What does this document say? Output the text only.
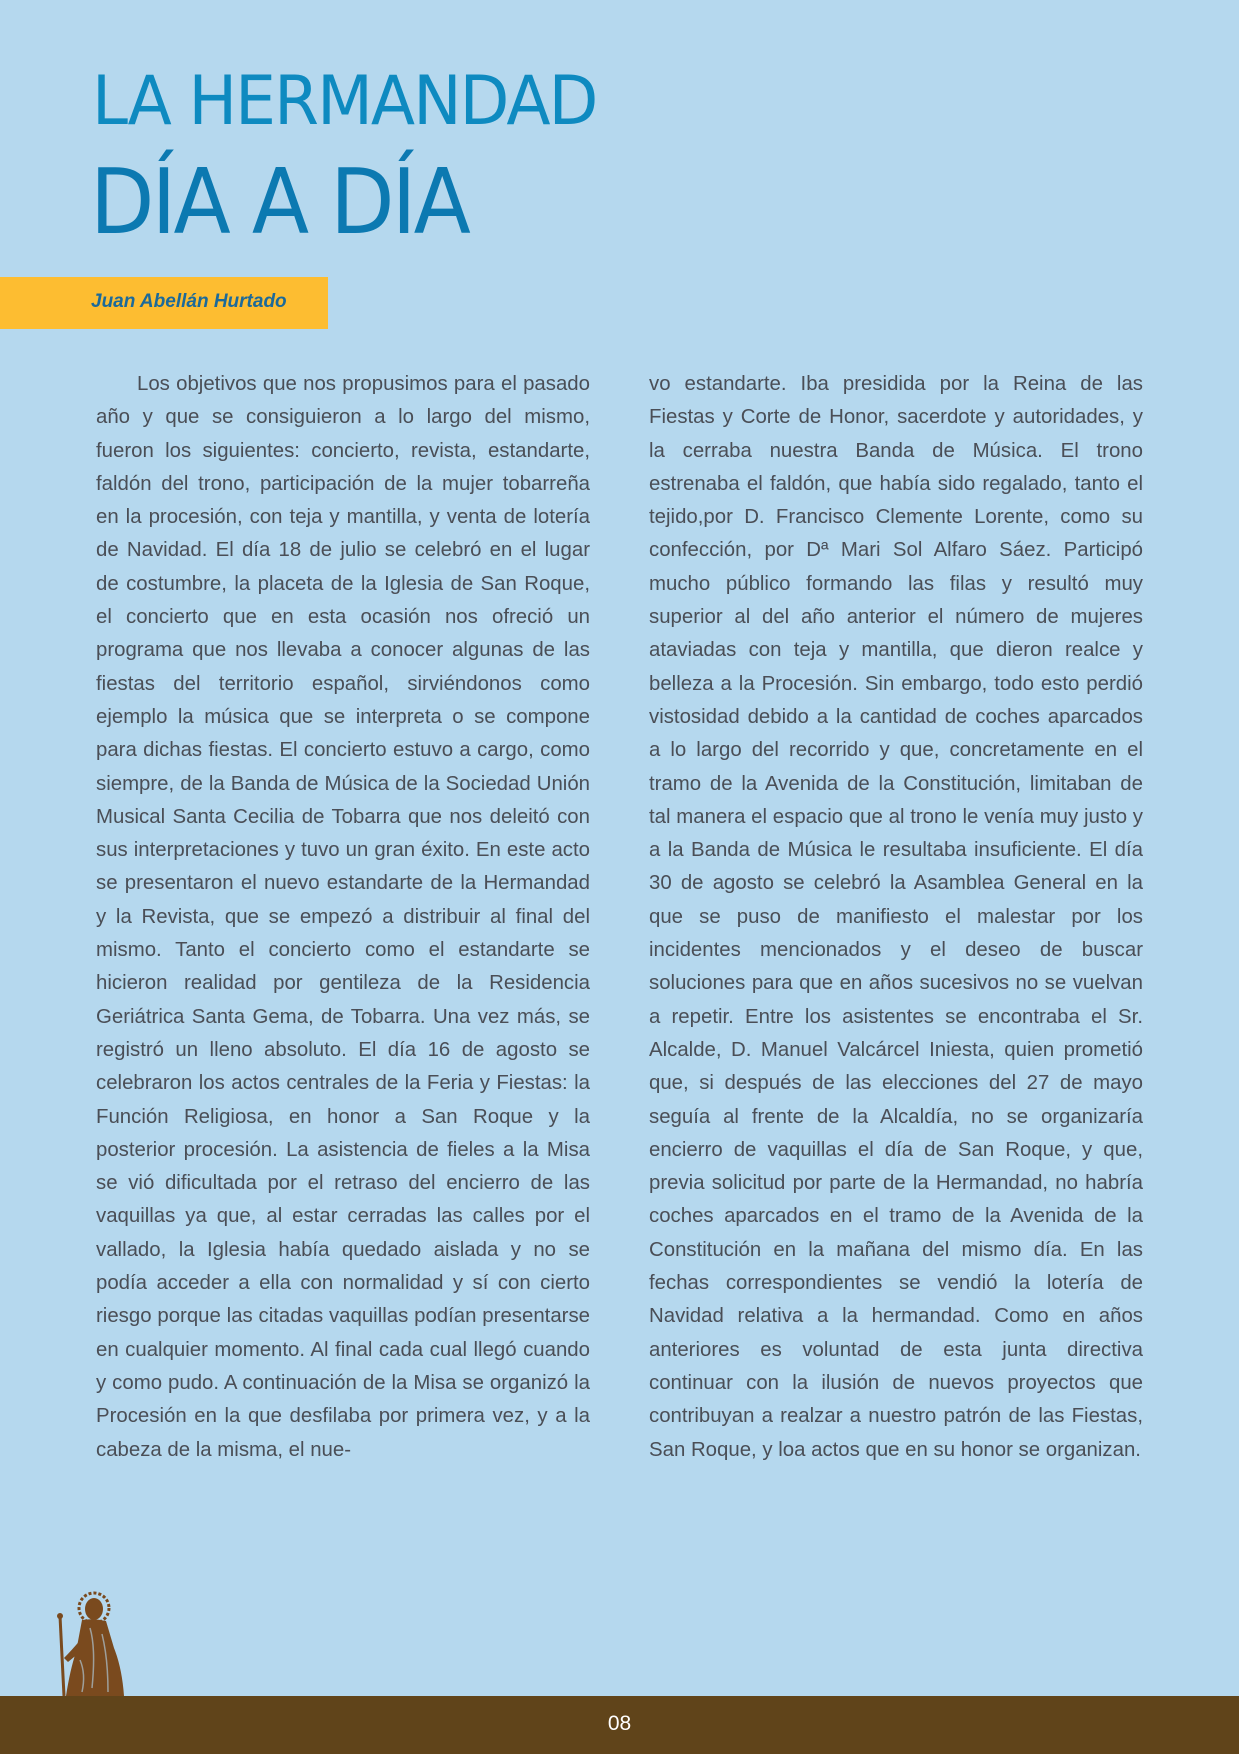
LA HERMANDAD
DÍA A DÍA
Juan Abellán Hurtado

Los objetivos que nos propusimos para el pasado año y que se consiguieron a lo largo del mismo, fueron los siguientes: concierto, revista, estandarte, faldón del trono, participación de la mujer tobarreña en la procesión, con teja y mantilla, y venta de lotería de Navidad. El día 18 de julio se celebró en el lugar de costumbre, la placeta de la Iglesia de San Roque, el concierto que en esta ocasión nos ofreció un programa que nos llevaba a conocer algunas de las fiestas del territorio español, sirviéndonos como ejemplo la música que se interpreta o se compone para dichas fiestas. El concierto estuvo a cargo, como siempre, de la Banda de Música de la Sociedad Unión Musical Santa Cecilia de Tobarra que nos deleitó con sus interpretaciones y tuvo un gran éxito. En este acto se presentaron el nuevo estandarte de la Hermandad y la Revista, que se empezó a distribuir al final del mismo. Tanto el concierto como el estandarte se hicieron realidad por gentileza de la Residencia Geriátrica Santa Gema, de Tobarra. Una vez más, se registró un lleno absoluto. El día 16 de agosto se celebraron los actos centrales de la Feria y Fiestas: la Función Religiosa, en honor a San Roque y la posterior procesión. La asistencia de fieles a la Misa se vió dificultada por el retraso del encierro de las vaquillas ya que, al estar cerradas las calles por el vallado, la Iglesia había quedado aislada y no se podía acceder a ella con normalidad y sí con cierto riesgo porque las citadas vaquillas podían presentarse en cualquier momento. Al final cada cual llegó cuando y como pudo. A continuación de la Misa se organizó la Procesión en la que desfilaba por primera vez, y a la cabeza de la misma, el nue-

vo estandarte. Iba presidida por la Reina de las Fiestas y Corte de Honor, sacerdote y autoridades, y la cerraba nuestra Banda de Música. El trono estrenaba el faldón, que había sido regalado, tanto el tejido,por D. Francisco Clemente Lorente, como su confección, por Dª Mari Sol Alfaro Sáez. Participó mucho público formando las filas y resultó muy superior al del año anterior el número de mujeres ataviadas con teja y mantilla, que dieron realce y belleza a la Procesión. Sin embargo, todo esto perdió vistosidad debido a la cantidad de coches aparcados a lo largo del recorrido y que, concretamente en el tramo de la Avenida de la Constitución, limitaban de tal manera el espacio que al trono le venía muy justo y a la Banda de Música le resultaba insuficiente. El día 30 de agosto se celebró la Asamblea General en la que se puso de manifiesto el malestar por los incidentes mencionados y el deseo de buscar soluciones para que en años sucesivos no se vuelvan a repetir. Entre los asistentes se encontraba el Sr. Alcalde, D. Manuel Valcárcel Iniesta, quien prometió que, si después de las elecciones del 27 de mayo seguía al frente de la Alcaldía, no se organizaría encierro de vaquillas el día de San Roque, y que, previa solicitud por parte de la Hermandad, no habría coches aparcados en el tramo de la Avenida de la Constitución en la mañana del mismo día. En las fechas correspondientes se vendió la lotería de Navidad relativa a la hermandad. Como en años anteriores es voluntad de esta junta directiva continuar con la ilusión de nuevos proyectos que contribuyan a realzar a nuestro patrón de las Fiestas, San Roque, y loa actos que en su honor se organizan.

08
